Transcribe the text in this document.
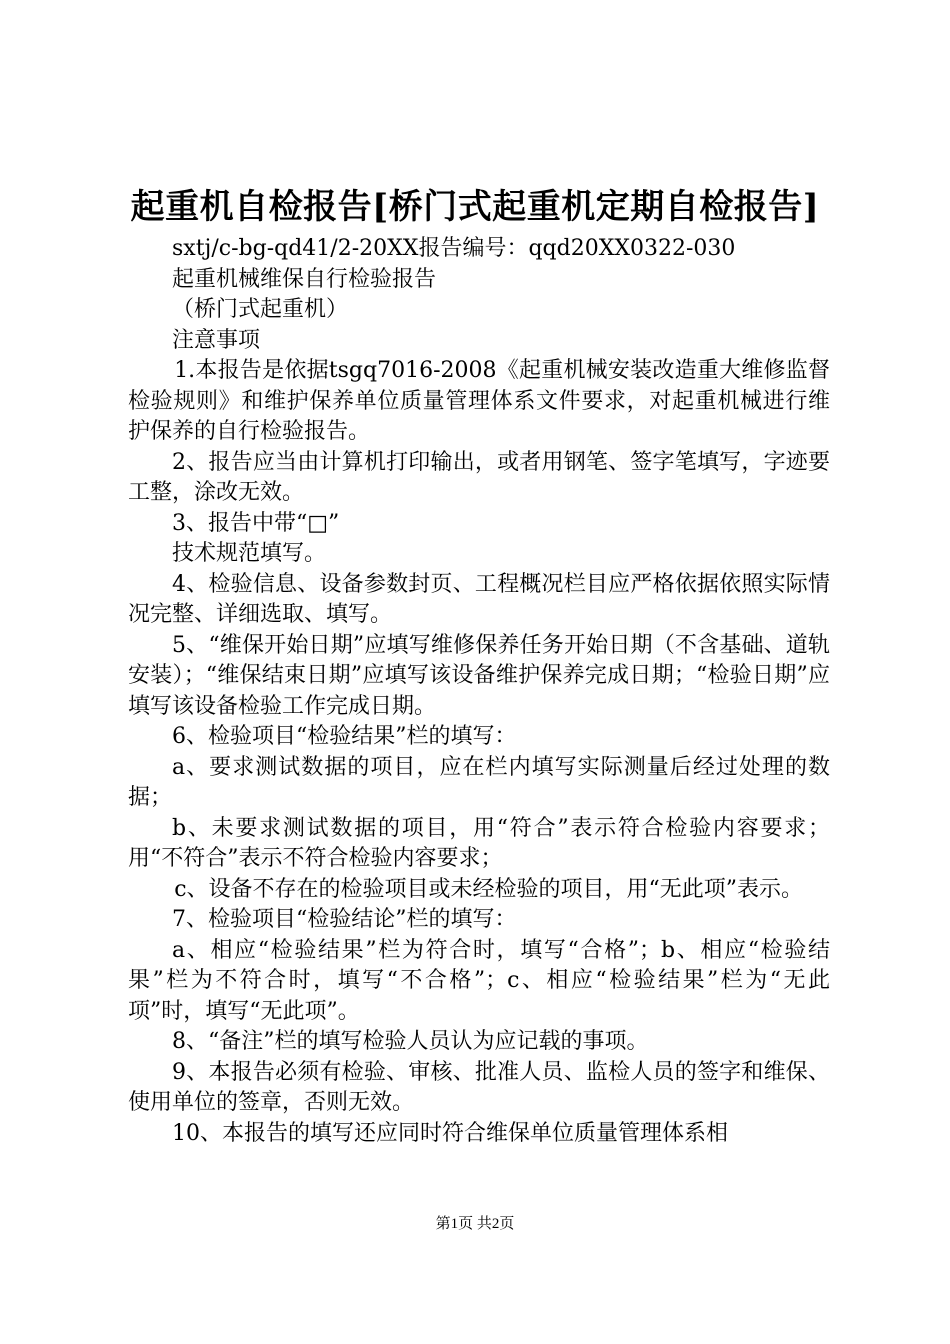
起重机自检报告[桥门式起重机定期自检报告]

sxtj/c-bg-qd41/2-20XX报告编号：qqd20XX0322-030

起重机械维保自行检验报告

（桥门式起重机）

注意事项

1.本报告是依据tsgq7016-2008《起重机械安装改造重大维修监督检验规则》和维护保养单位质量管理体系文件要求，对起重机械进行维护保养的自行检验报告。

2、报告应当由计算机打印输出，或者用钢笔、签字笔填写，字迹要工整，涂改无效。

3、报告中带“□”

技术规范填写。

4、检验信息、设备参数封页、工程概况栏目应严格依据依照实际情况完整、详细选取、填写。

5、“维保开始日期”应填写维修保养任务开始日期（不含基础、道轨安装）；“维保结束日期”应填写该设备维护保养完成日期；“检验日期”应填写该设备检验工作完成日期。

6、检验项目“检验结果”栏的填写：

a、要求测试数据的项目，应在栏内填写实际测量后经过处理的数据；

b、未要求测试数据的项目，用“符合”表示符合检验内容要求；用“不符合”表示不符合检验内容要求；

c、设备不存在的检验项目或未经检验的项目，用“无此项”表示。

7、检验项目“检验结论”栏的填写：

a、相应“检验结果”栏为符合时，填写“合格”；b、相应“检验结果”栏为不符合时，填写“不合格”；c、相应“检验结果”栏为“无此项”时，填写“无此项”。

8、“备注”栏的填写检验人员认为应记载的事项。

9、本报告必须有检验、审核、批准人员、监检人员的签字和维保、使用单位的签章，否则无效。

10、本报告的填写还应同时符合维保单位质量管理体系相

第1页 共2页
